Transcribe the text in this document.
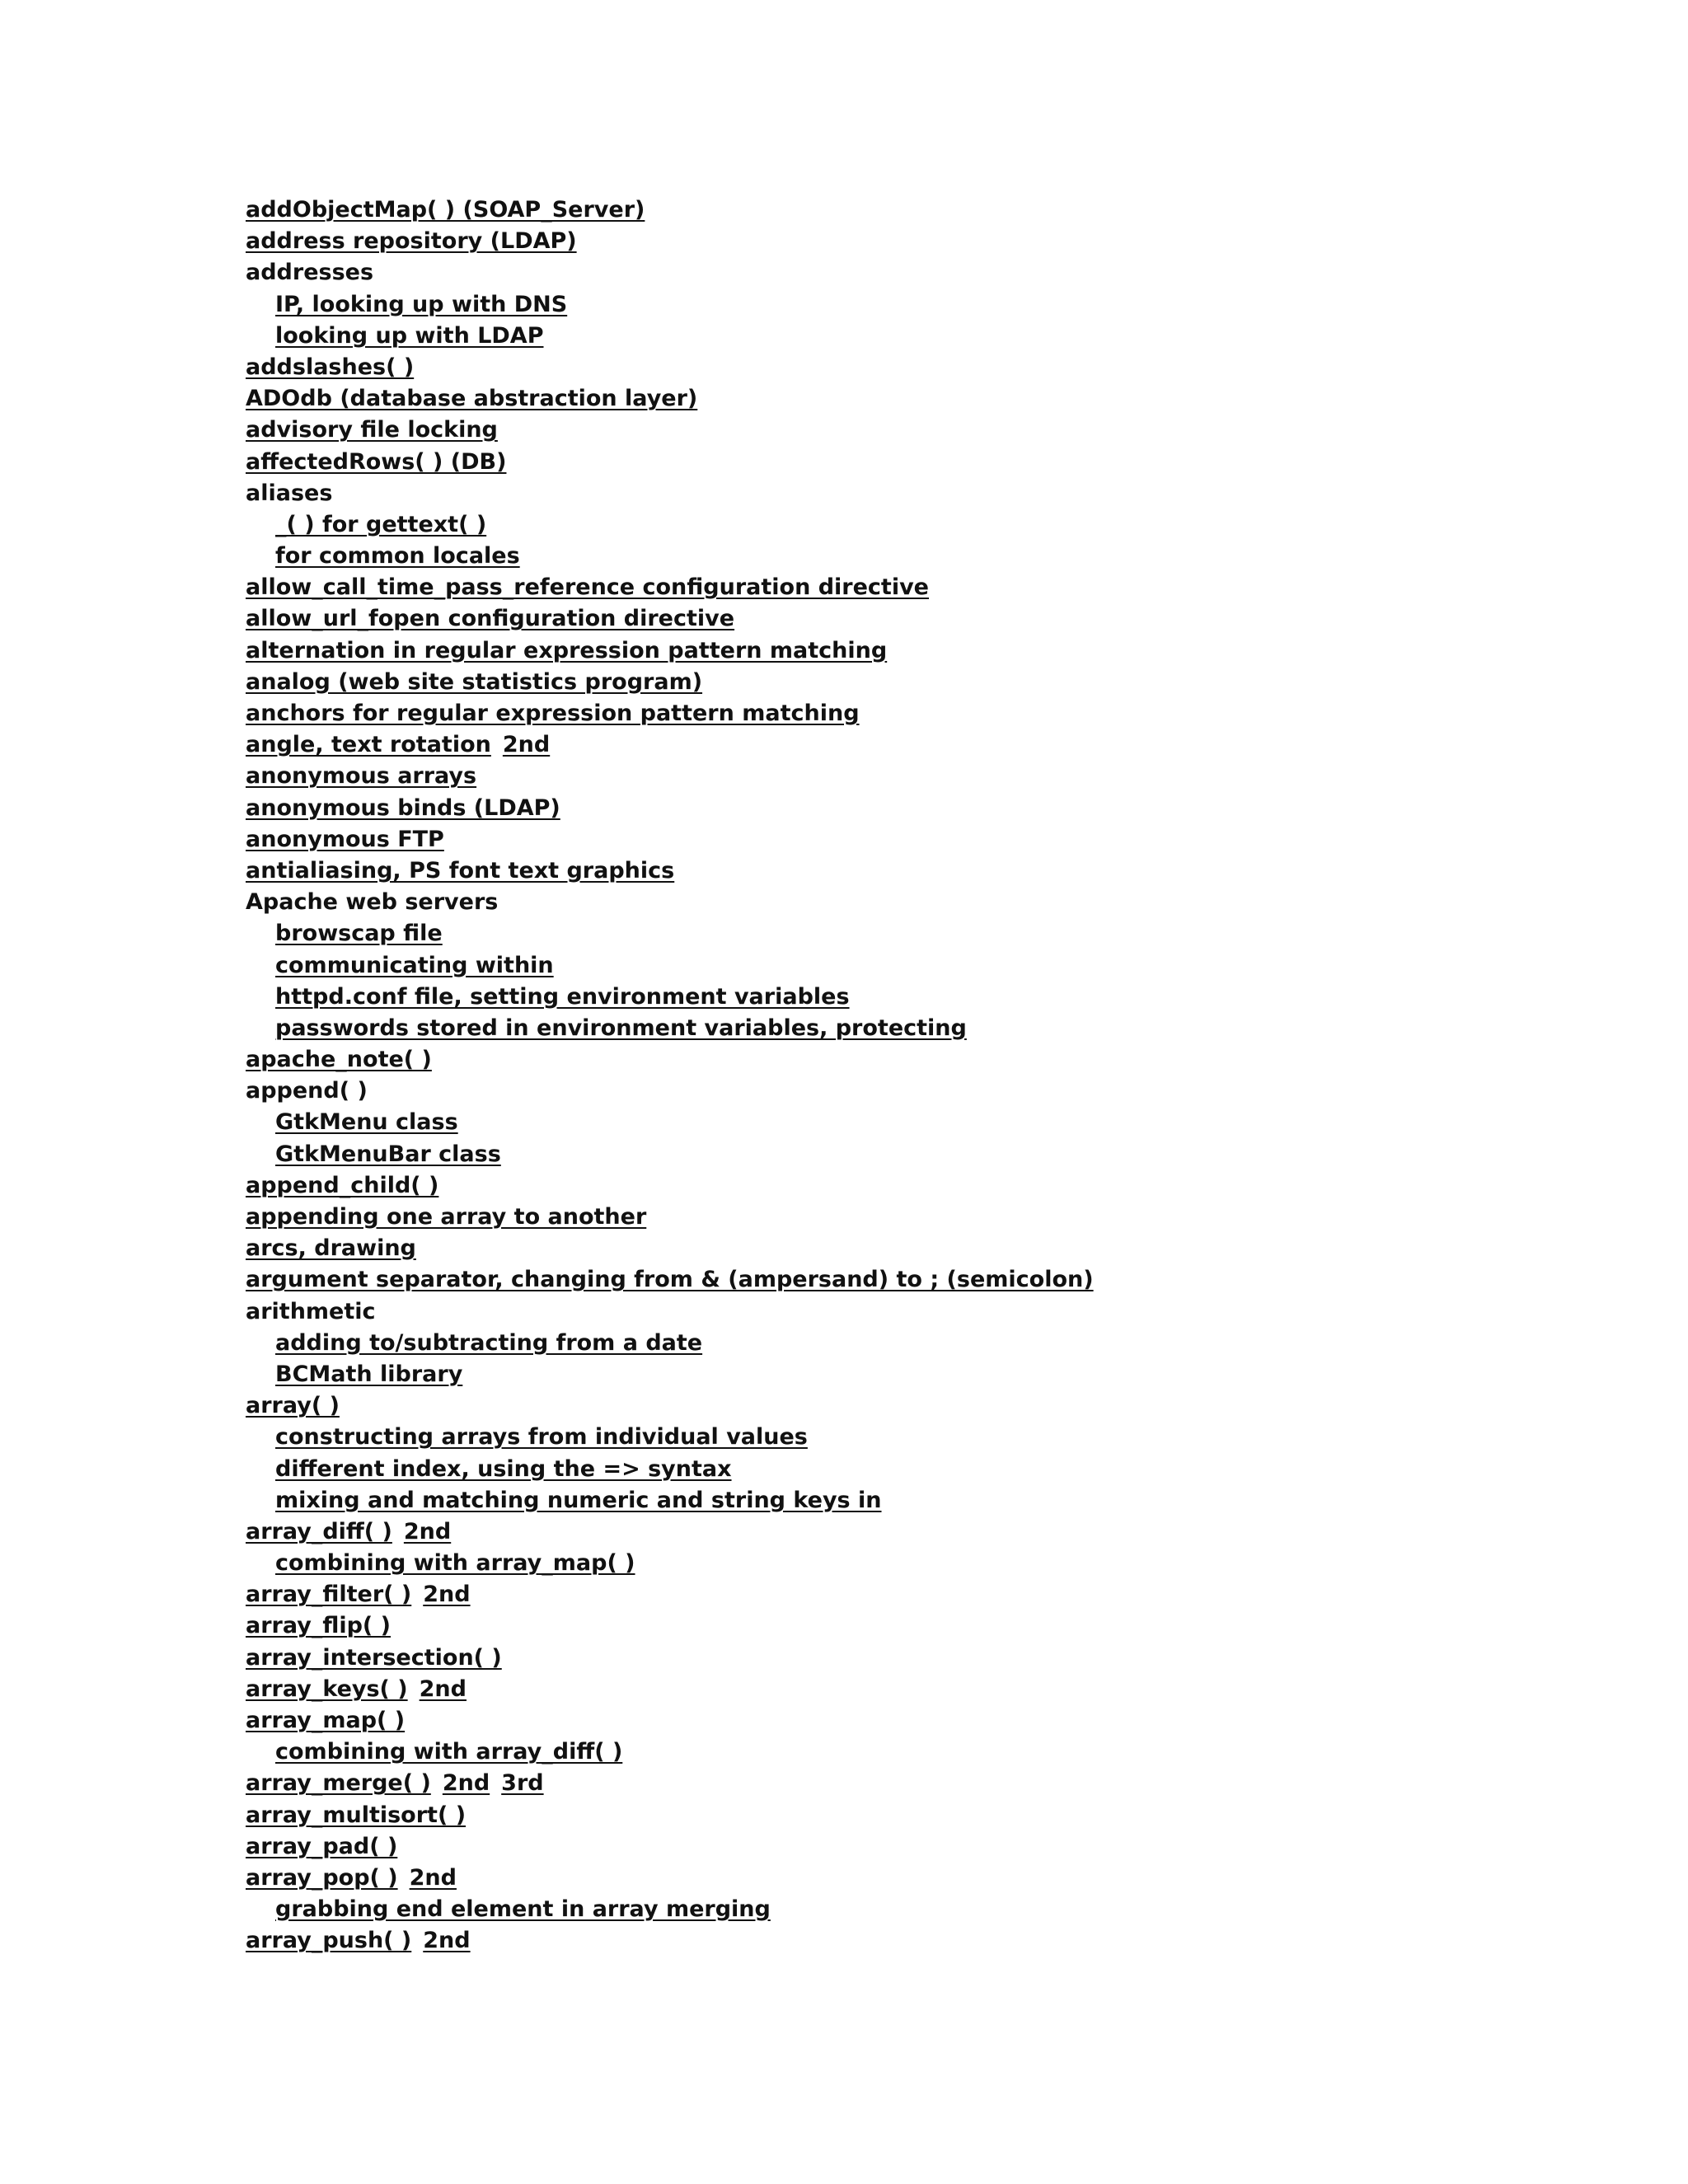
addObjectMap( ) (SOAP_Server)
address repository (LDAP)
addresses
IP, looking up with DNS
looking up with LDAP
addslashes( )
ADOdb (database abstraction layer)
advisory file locking
affectedRows( ) (DB)
aliases
_( ) for gettext( )
for common locales
allow_call_time_pass_reference configuration directive
allow_url_fopen configuration directive
alternation in regular expression pattern matching
analog (web site statistics program)
anchors for regular expression pattern matching
angle, text rotation 2nd
anonymous arrays
anonymous binds (LDAP)
anonymous FTP
antialiasing, PS font text graphics
Apache web servers
browscap file
communicating within
httpd.conf file, setting environment variables
passwords stored in environment variables, protecting
apache_note( )
append( )
GtkMenu class
GtkMenuBar class
append_child( )
appending one array to another
arcs, drawing
argument separator, changing from & (ampersand) to ; (semicolon)
arithmetic
adding to/subtracting from a date
BCMath library
array( )
constructing arrays from individual values
different index, using the => syntax
mixing and matching numeric and string keys in
array_diff( ) 2nd
combining with array_map( )
array_filter( ) 2nd
array_flip( )
array_intersection( )
array_keys( ) 2nd
array_map( )
combining with array_diff( )
array_merge( ) 2nd 3rd
array_multisort( )
array_pad( )
array_pop( ) 2nd
grabbing end element in array merging
array_push( ) 2nd
